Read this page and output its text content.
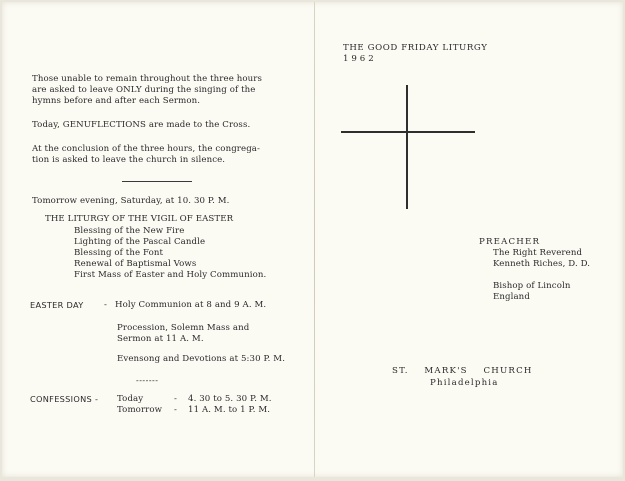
Those unable to remain throughout the three hours
are asked to leave ONLY during the singing of the
hymns before and after each Sermon.
Today, GENUFLECTIONS are made to the Cross.
At the conclusion of the three hours, the congrega-
tion is asked to leave the church in silence.
Tomorrow evening, Saturday, at 10. 30 P. M.
THE LITURGY OF THE VIGIL OF EASTER
Blessing of the New Fire
Lighting of the Pascal Candle
Blessing of the Font
Renewal of Baptismal Vows
First Mass of Easter and Holy Communion.
EASTER DAY - Holy Communion at 8 and 9 A. M.
Procession, Solemn Mass and
Sermon at 11 A. M.
Evensong and Devotions at 5:30 P. M.
-------
CONFESSIONS - Today	- 4. 30 to 5. 30 P. M.
Tomorrow - 11 A. M. to 1 P. M.
THE GOOD FRIDAY LITURGY
1 9 6 2
PREACHER
The Right Reverend
Kenneth Riches, D. D.
Bishop of Lincoln
England
ST.    MARK'S    CHURCH
Philadelphia
